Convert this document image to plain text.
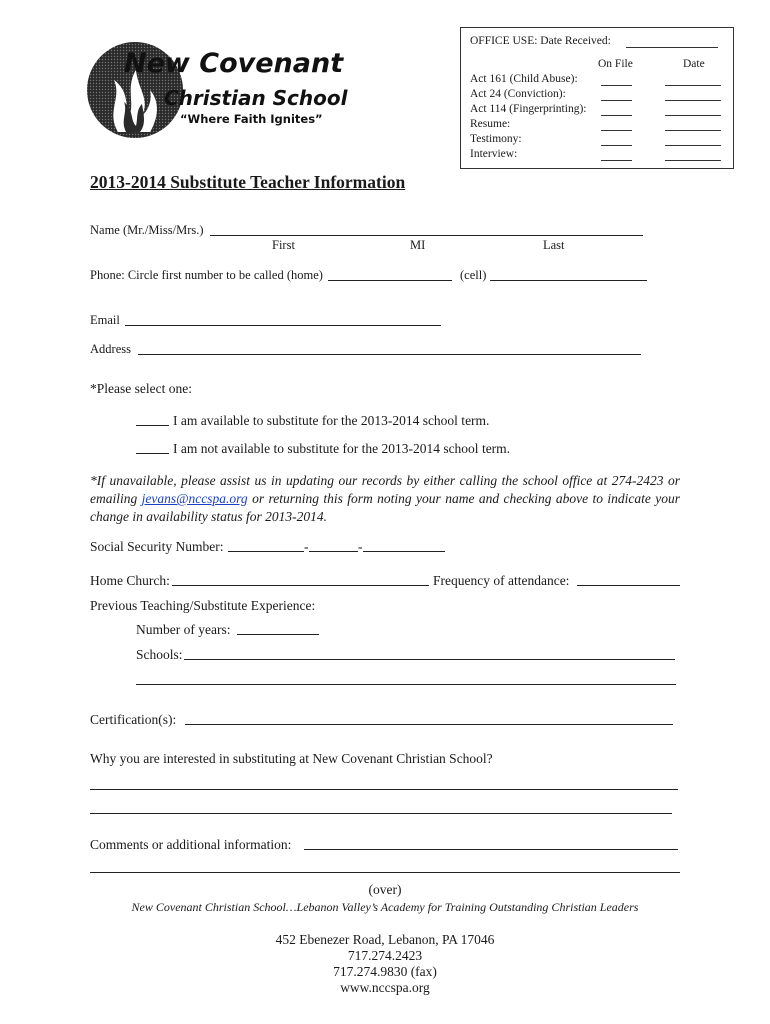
OFFICE USE: Date Received:
On File	Date
Act 161 (Child Abuse):
Act 24 (Conviction):
Act 114 (Fingerprinting):
Resume:
Testimony:
Interview:
New Covenant
Christian School
“Where Faith Ignites”
2013-2014 Substitute Teacher Information
Name (Mr./Miss/Mrs.)
First	MI	Last
Phone: Circle first number to be called (home)	(cell)
Email
Address
*Please select one:
I am available to substitute for the 2013-2014 school term.
I am not available to substitute for the 2013-2014 school term.
*If unavailable, please assist us in updating our records by either calling the school office at 274-2423 or emailing jevans@nccspa.org or returning this form noting your name and checking above to indicate your change in availability status for 2013-2014.
Social Security Number:	-	-
Home Church:	Frequency of attendance:
Previous Teaching/Substitute Experience:
Number of years:
Schools:
Certification(s):
Why you are interested in substituting at New Covenant Christian School?
Comments or additional information:
(over)
New Covenant Christian School…Lebanon Valley’s Academy for Training Outstanding Christian Leaders
452 Ebenezer Road, Lebanon, PA 17046
717.274.2423
717.274.9830 (fax)
www.nccspa.org
